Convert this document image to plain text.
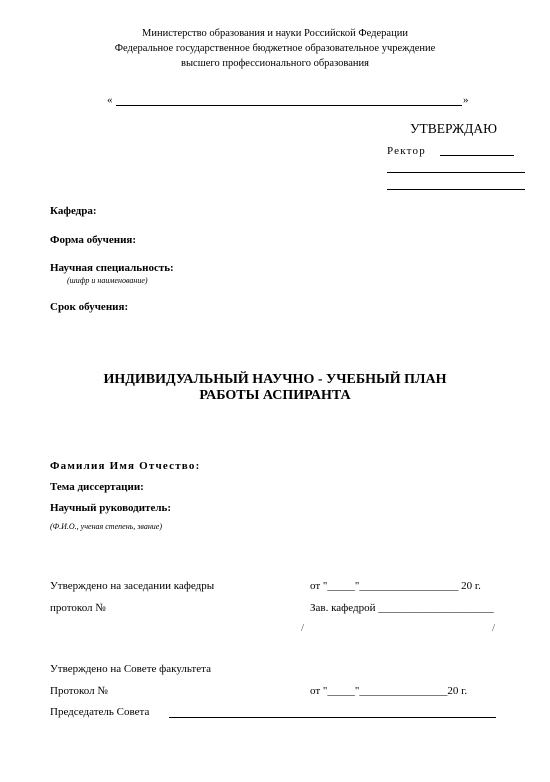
Министерство образования и науки Российской Федерации
Федеральное государственное бюджетное образовательное учреждение
высшего профессионального образования
«	»
УТВЕРЖДАЮ
Ректор
Кафедра:
Форма обучения:
Научная специальность:
(шифр и наименование)
Срок обучения:
ИНДИВИДУАЛЬНЫЙ НАУЧНО - УЧЕБНЫЙ ПЛАН
РАБОТЫ АСПИРАНТА
Фамилия Имя Отчество:
Тема диссертации:
Научный руководитель:
(Ф.И.О., ученая степень, звание)
Утверждено на заседании кафедры	от "_____"__________________ 20 г.
протокол №	Зав. кафедрой _____________________
/	/
Утверждено на Совете факультета
Протокол №	от "_____"________________20 г.
Председатель Совета
